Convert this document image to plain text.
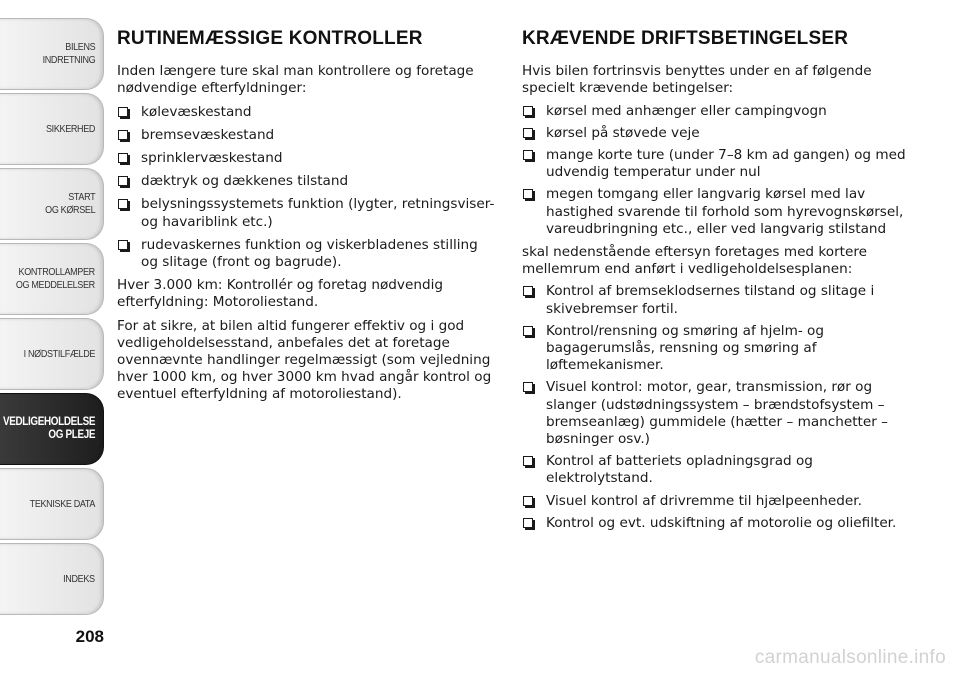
BILENS
INDRETNING
SIKKERHED
START
OG KØRSEL
KONTROLLAMPER
OG MEDDELELSER
I NØDSTILFÆLDE
VEDLIGEHOLDELSE
OG PLEJE
TEKNISKE DATA
INDEKS
208
RUTINEMÆSSIGE KONTROLLER

Inden længere ture skal man kontrollere og foretage nødvendige efterfyldninger:

kølevæskestand
bremsevæskestand
sprinklervæskestand
dæktryk og dækkenes tilstand
belysningssystemets funktion (lygter, retningsviser- og havariblink etc.)
rudevaskernes funktion og viskerbladenes stilling og slitage (front og bagrude).

Hver 3.000 km: Kontrollér og foretag nødvendig efterfyldning: Motoroliestand.

For at sikre, at bilen altid fungerer effektiv og i god vedligeholdelsesstand, anbefales det at foretage ovennævnte handlinger regelmæssigt (som vejledning hver 1000 km, og hver 3000 km hvad angår kontrol og eventuel efterfyldning af motoroliestand).

KRÆVENDE DRIFTSBETINGELSER

Hvis bilen fortrinsvis benyttes under en af følgende specielt krævende betingelser:

kørsel med anhænger eller campingvogn
kørsel på støvede veje
mange korte ture (under 7–8 km ad gangen) og med udvendig temperatur under nul
megen tomgang eller langvarig kørsel med lav hastighed svarende til forhold som hyrevognskørsel, vareudbringning etc., eller ved langvarig stilstand

skal nedenstående eftersyn foretages med kortere mellemrum end anført i vedligeholdelsesplanen:

Kontrol af bremseklodsernes tilstand og slitage i skivebremser fortil.
Kontrol/rensning og smøring af hjelm- og bagagerumslås, rensning og smøring af løftemekanismer.
Visuel kontrol: motor, gear, transmission, rør og slanger (udstødningssystem – brændstofsystem – bremseanlæg) gummidele (hætter – manchetter – bøsninger osv.)
Kontrol af batteriets opladningsgrad og elektrolytstand.
Visuel kontrol af drivremme til hjælpeenheder.
Kontrol og evt. udskiftning af motorolie og oliefilter.
carmanualsonline.info
